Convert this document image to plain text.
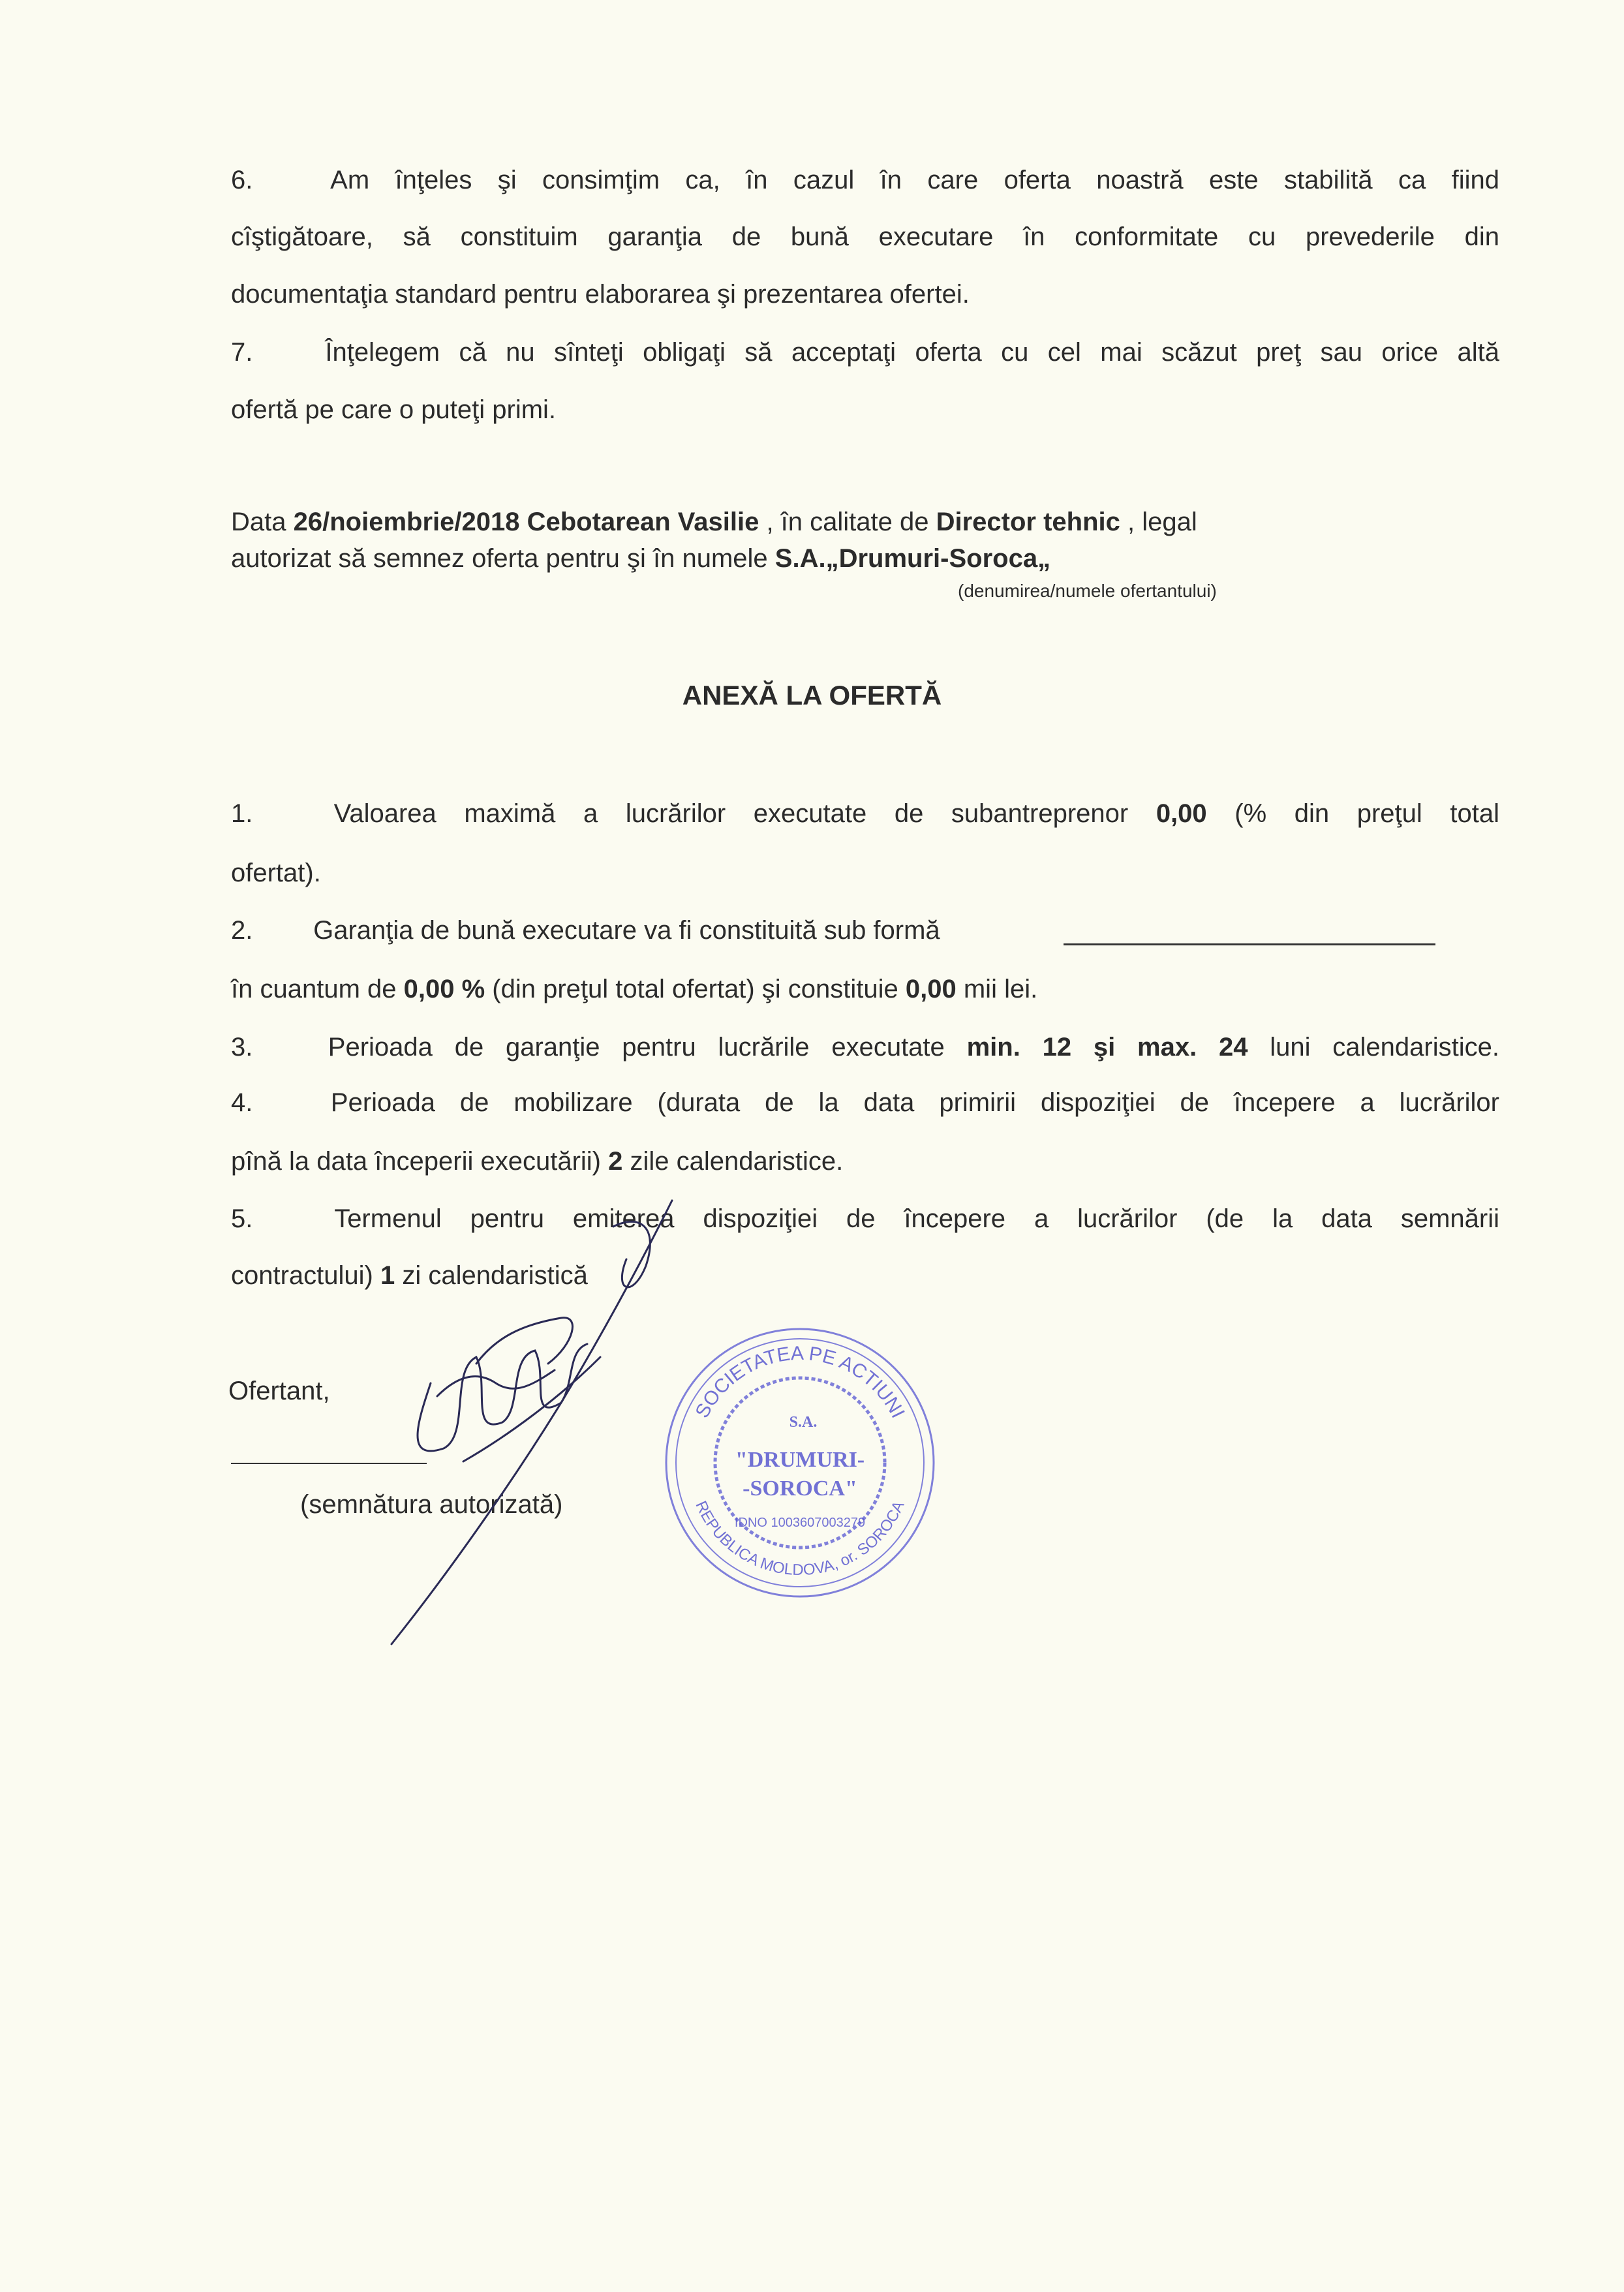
6.	Am înţeles şi consimţim ca, în cazul în care oferta noastră este stabilită ca fiind
cîştigătoare, să constituim garanţia de bună executare în conformitate cu prevederile din
documentaţia standard pentru elaborarea şi prezentarea ofertei.
7.	Înţelegem că nu sînteţi obligaţi să acceptaţi oferta cu cel mai scăzut preţ sau orice altă
ofertă pe care o puteţi primi.
Data 26/noiembrie/2018 Cebotarean Vasilie , în calitate de Director tehnic , legal
autorizat să semnez oferta pentru şi în numele S.A.„Drumuri-Soroca„
1.	Valoarea maximă a lucrărilor executate de subantreprenor 0,00 (% din preţul total
ofertat).
2. Garanţia de bună executare va fi constituită sub formă
în cuantum de 0,00 % (din preţul total ofertat) şi constituie 0,00 mii lei.
3.	Perioada de garanţie pentru lucrările executate min. 12 şi max. 24 luni calendaristice.
4.	Perioada de mobilizare (durata de la data primirii dispoziţiei de începere a lucrărilor
pînă la data începerii executării) 2 zile calendaristice.
5.	Termenul pentru emiterea dispoziţiei de începere a lucrărilor (de la data semnării
contractului) 1 zi calendaristică
(denumirea/numele ofertantului)
ANEXĂ LA OFERTĂ
Ofertant,
(semnătura autorizată)
SOCIETATEA PE ACTIUNI
REPUBLICA MOLDOVA, or. SOROCA
IDNO 1003607003279
S.A.
"DRUMURI-
-SOROCA"
